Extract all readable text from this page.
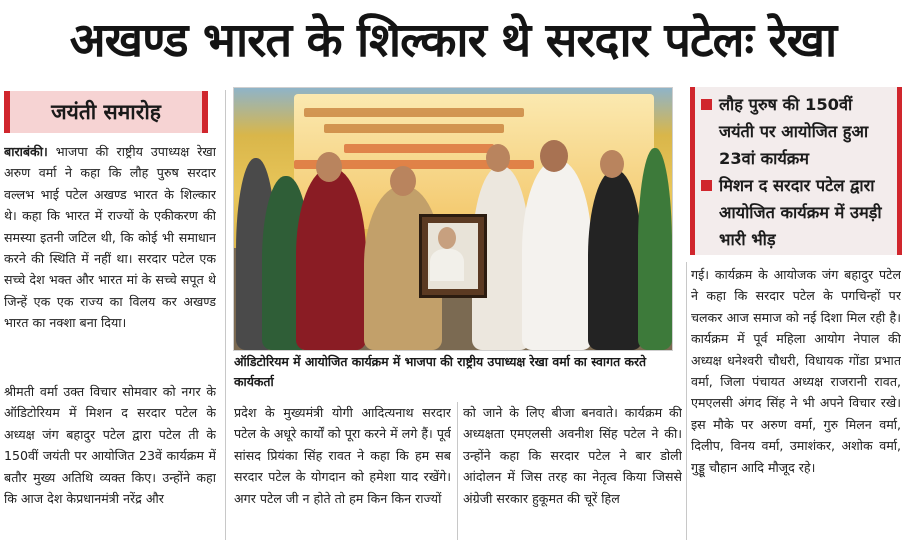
अखण्ड भारत के शिल्कार थे सरदार पटेलः रेखा
जयंती समारोह

बाराबंकी। भाजपा की राष्ट्रीय उपाध्यक्ष रेखा अरुण वर्मा ने कहा कि लौह पुरुष सरदार वल्लभ भाई पटेल अखण्ड भारत के शिल्कार थे। कहा कि भारत में राज्यों के एकीकरण की समस्या इतनी जटिल थी, कि कोई भी समाधान करने की स्थिति में नहीं था। सरदार पटेल एक सच्चे देश भक्त और भारत मां के सच्चे सपूत थे जिन्हें एक एक राज्य का विलय कर अखण्ड भारत का नक्शा बना दिया।

श्रीमती वर्मा उक्त विचार सोमवार को नगर के ऑडिटोरियम में मिशन द सरदार पटेल के अध्यक्ष जंग बहादुर पटेल द्वारा पटेल ती के 150वीं जयंती पर आयोजित 23वें कार्यक्रम में बतौर मुख्य अतिथि व्यक्त किए। उन्होंने कहा कि आज देश केप्रधानमंत्री नरेंद्र और

ऑडिटोरियम में आयोजित कार्यक्रम में भाजपा की राष्ट्रीय उपाध्यक्ष रेखा वर्मा का स्वागत करते कार्यकर्ता
लौह पुरुष की 150वीं जयंती पर आयोजित हुआ 23वां कार्यक्रम
मिशन द सरदार पटेल द्वारा आयोजित कार्यक्रम में उमड़ी भारी भीड़

प्रदेश के मुख्यमंत्री योगी आदित्यनाथ सरदार पटेल के अधूरे कार्यों को पूरा करने में लगे हैं। पूर्व सांसद प्रियंका सिंह रावत ने कहा कि हम सब सरदार पटेल के योगदान को हमेशा याद रखेंगे। अगर पटेल जी न होते तो हम किन किन राज्यों

को जाने के लिए बीजा बनवाते। कार्यक्रम की अध्यक्षता एमएलसी अवनीश सिंह पटेल ने की। उन्होंने कहा कि सरदार पटेल ने बार डोली आंदोलन में जिस तरह का नेतृत्व किया जिससे अंग्रेजी सरकार हुकूमत की चूरें हिल

गई। कार्यक्रम के आयोजक जंग बहादुर पटेल ने कहा कि सरदार पटेल के पगचिन्हों पर चलकर आज समाज को नई दिशा मिल रही है। कार्यक्रम में पूर्व महिला आयोग नेपाल की अध्यक्ष धनेश्वरी चौधरी, विधायक गोंडा प्रभात वर्मा, जिला पंचायत अध्यक्ष राजरानी रावत, एमएलसी अंगद सिंह ने भी अपने विचार रखे। इस मौके पर अरुण वर्मा, गुरु मिलन वर्मा, दिलीप, विनय वर्मा, उमाशंकर, अशोक वर्मा, गुड्डू चौहान आदि मौजूद रहे।
